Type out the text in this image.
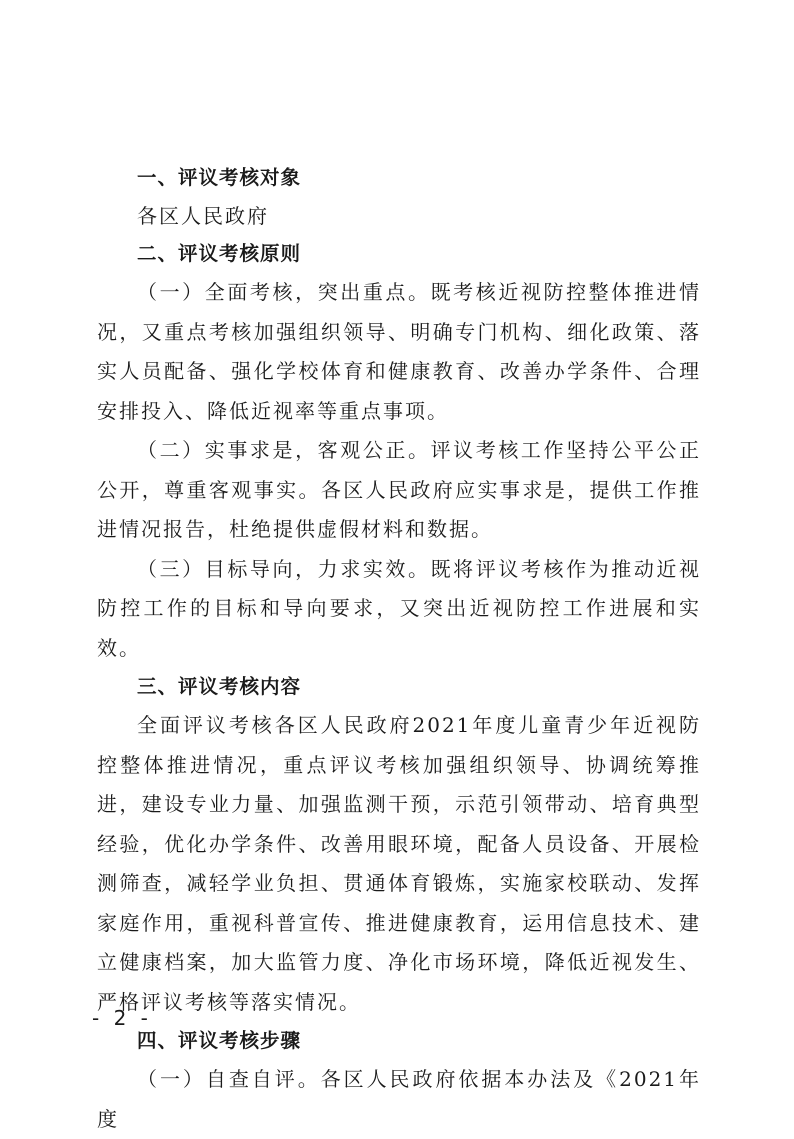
一、评议考核对象

各区人民政府

二、评议考核原则

（一）全面考核，突出重点。既考核近视防控整体推进情况，又重点考核加强组织领导、明确专门机构、细化政策、落实人员配备、强化学校体育和健康教育、改善办学条件、合理安排投入、降低近视率等重点事项。

（二）实事求是，客观公正。评议考核工作坚持公平公正公开，尊重客观事实。各区人民政府应实事求是，提供工作推进情况报告，杜绝提供虚假材料和数据。

（三）目标导向，力求实效。既将评议考核作为推动近视防控工作的目标和导向要求，又突出近视防控工作进展和实效。

三、评议考核内容

全面评议考核各区人民政府2021年度儿童青少年近视防控整体推进情况，重点评议考核加强组织领导、协调统筹推进，建设专业力量、加强监测干预，示范引领带动、培育典型经验，优化办学条件、改善用眼环境，配备人员设备、开展检测筛查，减轻学业负担、贯通体育锻炼，实施家校联动、发挥家庭作用，重视科普宣传、推进健康教育，运用信息技术、建立健康档案，加大监管力度、净化市场环境，降低近视发生、严格评议考核等落实情况。

四、评议考核步骤

（一）自查自评。各区人民政府依据本办法及《2021年度

- 2 -
